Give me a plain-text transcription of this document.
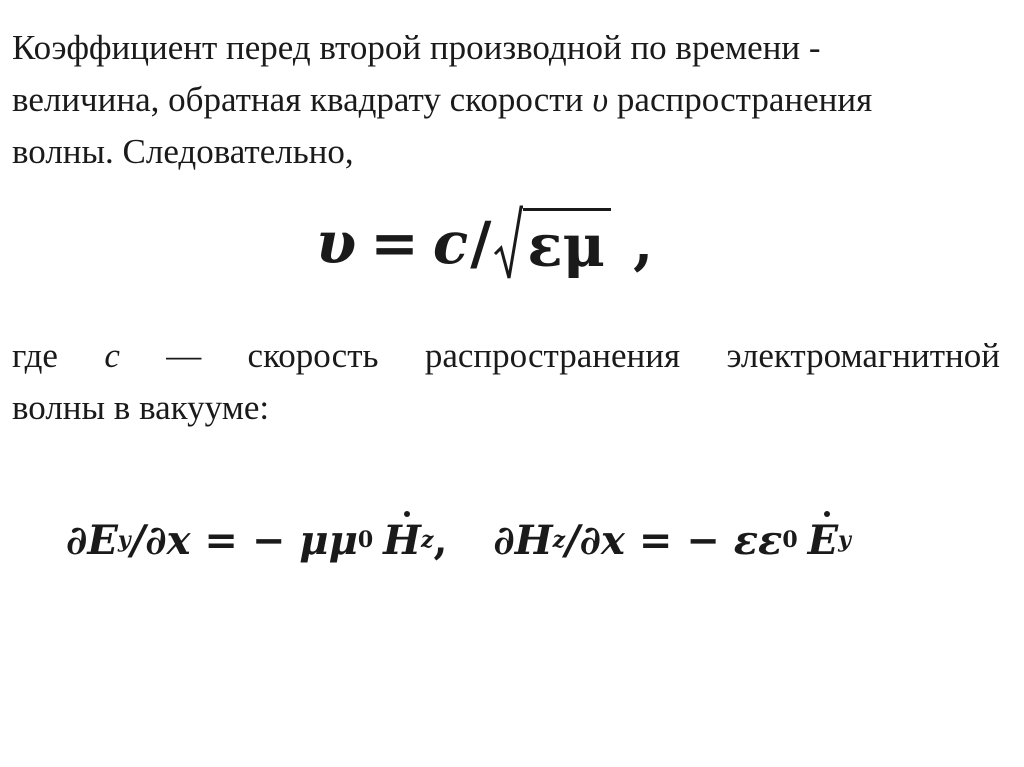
Коэффициент перед второй производной по времени -
величина, обратная квадрату скорости υ распространения
волны. Следовательно,

υ = c / εμ ,

где c — скорость распространения электромагнитной
волны в вакууме:

∂E y /∂x = − μμ 0 H z , ∂H z /∂x = − εε 0 E y
